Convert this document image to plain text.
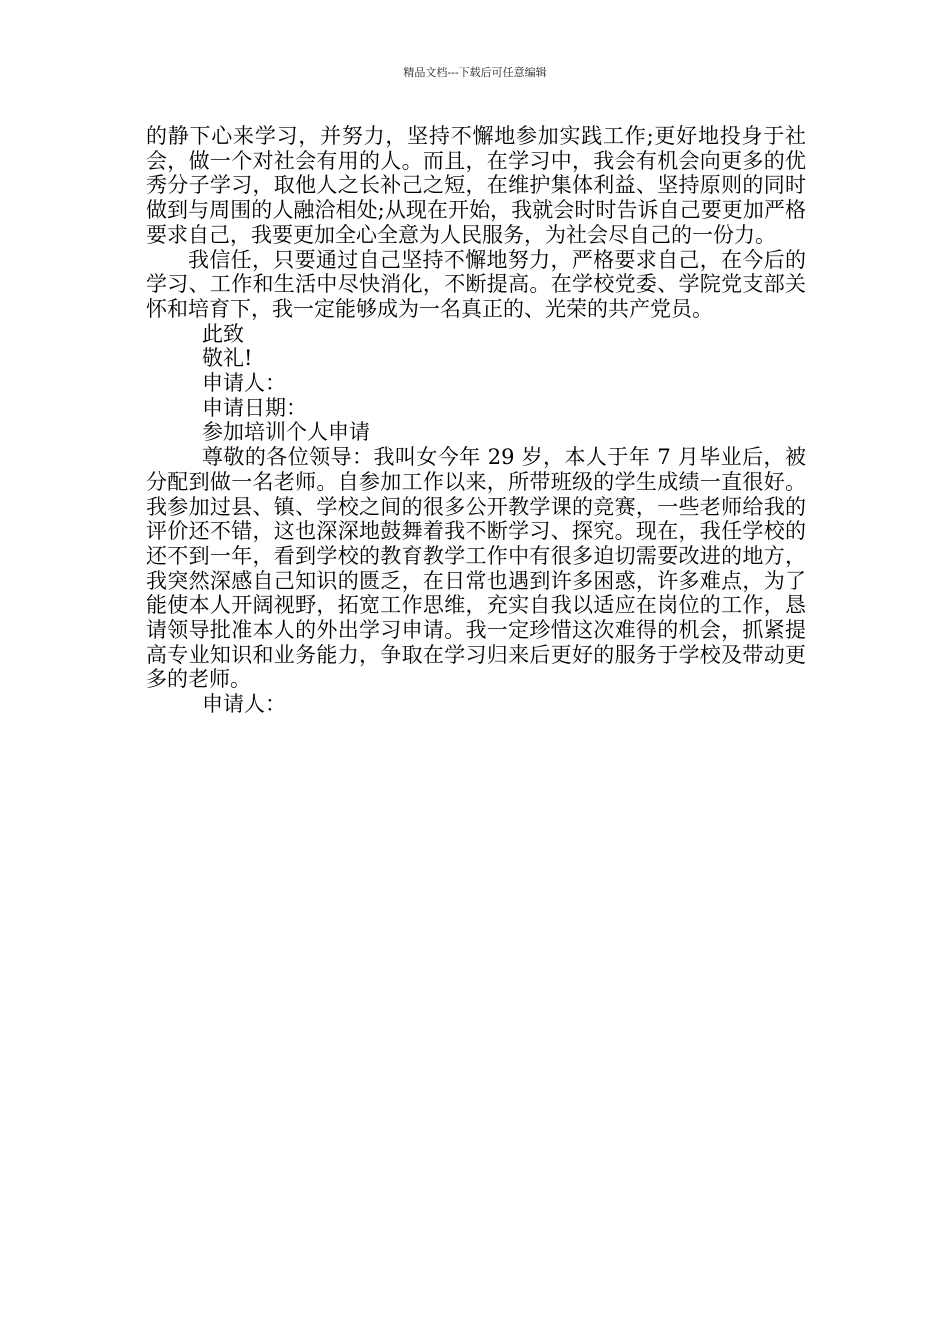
精品文档---下载后可任意编辑

的静下心来学习，并努力，坚持不懈地参加实践工作;更好地投身于社会，做一个对社会有用的人。而且，在学习中，我会有机会向更多的优秀分子学习，取他人之长补己之短，在维护集体利益、坚持原则的同时做到与周围的人融洽相处;从现在开始，我就会时时告诉自己要更加严格要求自己，我要更加全心全意为人民服务，为社会尽自己的一份力。

我信任，只要通过自己坚持不懈地努力，严格要求自己，在今后的学习、工作和生活中尽快消化，不断提高。在学校党委、学院党支部关怀和培育下，我一定能够成为一名真正的、光荣的共产党员。

此致

敬礼!

申请人：

申请日期：

参加培训个人申请

尊敬的各位领导：我叫女今年 29 岁，本人于年 7 月毕业后，被分配到做一名老师。自参加工作以来，所带班级的学生成绩一直很好。我参加过县、镇、学校之间的很多公开教学课的竞赛，一些老师给我的评价还不错，这也深深地鼓舞着我不断学习、探究。现在，我任学校的还不到一年，看到学校的教育教学工作中有很多迫切需要改进的地方，我突然深感自己知识的匮乏，在日常也遇到许多困惑，许多难点，为了能使本人开阔视野，拓宽工作思维，充实自我以适应在岗位的工作，恳请领导批准本人的外出学习申请。我一定珍惜这次难得的机会，抓紧提高专业知识和业务能力，争取在学习归来后更好的服务于学校及带动更多的老师。

申请人：
